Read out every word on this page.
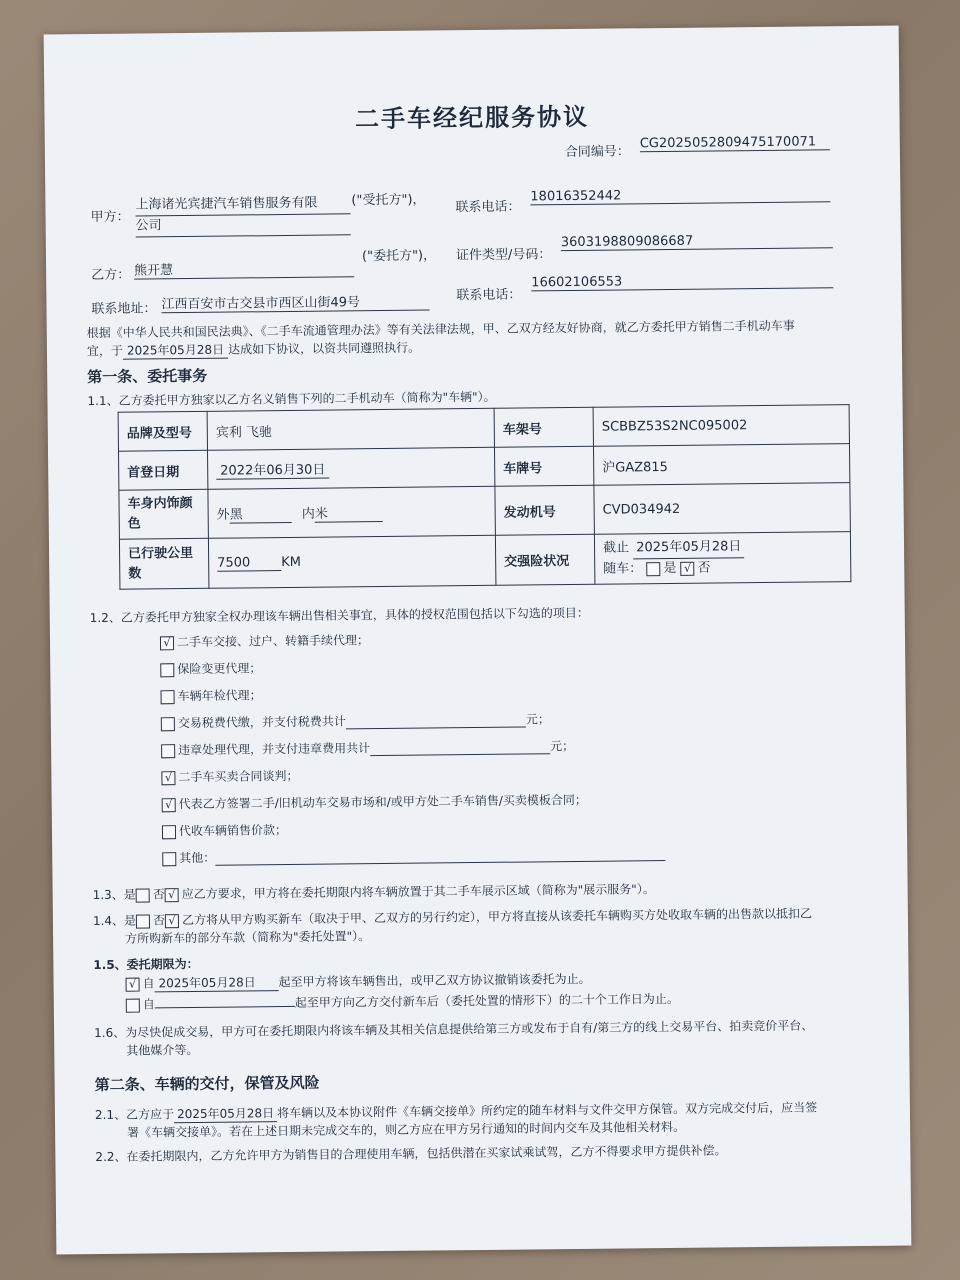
二手车经纪服务协议
合同编号：
CG2025052809475170071
甲方：
上海诸光宾捷汽车销售服务有限
公司
("受托方")， 联系电话：
18016352442
乙方： 熊开慧
("委托方")， 证件类型/号码：
360319880908668​7
联系地址： 江西百安市古交县市西区山街49号	联系电话：
16602106553
根据《中华人民共和国民法典》、《二手车流通管理办法》等有关法律法规，甲、乙双方经友好协商，就乙方委托甲方销售二手机动车事
宜，于 2025年05月28日 达成如下协议，以资共同遵照执行。
第一条、委托事务
1.1、乙方委托甲方独家以乙方名义销售下列的二手机动车（简称为"车辆"）。
品牌及型号	宾利 飞驰	车架号	SCBBZ53S2NC095002
首登日期	2022年06月30日	车牌号	沪GAZ815
车身内饰颜色	外黑 内米	发动机号	CVD034942
已行驶公里数	7500 KM	交强险状况	截止 2025年05月28日
随车： 是 √ 否
1.2、乙方委托甲方独家全权办理该车辆出售相关事宜，具体的授权范围包括以下勾选的项目：
√ 二手车交接、过户、转籍手续代理；
保险变更代理；
车辆年检代理；
交易税费代缴，并支付税费共计	元；
违章处理代理，并支付违章费用共计	元；
√ 二手车买卖合同谈判；
√ 代表乙方签署二手/旧机动车交易市场和/或甲方处二手车销售/买卖模板合同；
代收车辆销售价款；
其他：
1.3、是 否 √ 应乙方要求，甲方将在委托期限内将车辆放置于其二手车展示区域（简称为"展示服务"）。
1.4、是 否 √ 乙方将从甲方购买新车（取决于甲、乙双方的另行约定），甲方将直接从该委托车辆购买方处收取车辆的出售款以抵扣乙
方所购新车的部分车款（简称为"委托处置"）。
1.5、委托期限为：
√ 自 2025年05月28日 起至甲方将该车辆售出，或甲乙双方协议撤销该委托为止。
自	起至甲方向乙方交付新车后（委托处置的情形下）的二十个工作日为止。
1.6、为尽快促成交易，甲方可在委托期限内将该车辆及其相关信息提供给第三方或发布于自有/第三方的线上交易平台、拍卖竞价平台、
其他媒介等。
第二条、车辆的交付，保管及风险
2.1、乙方应于 2025年05月28日 将车辆以及本协议附件《车辆交接单》所约定的随车材料与文件交甲方保管。双方完成交付后，应当签
署《车辆交接单》。若在上述日期未完成交车的，则乙方应在甲方另行通知的时间内交车及其他相关材料。
2.2、在委托期限内，乙方允许甲方为销售目的合理使用车辆，包括供潜在买家试乘试驾，乙方不得要求甲方提供补偿。
